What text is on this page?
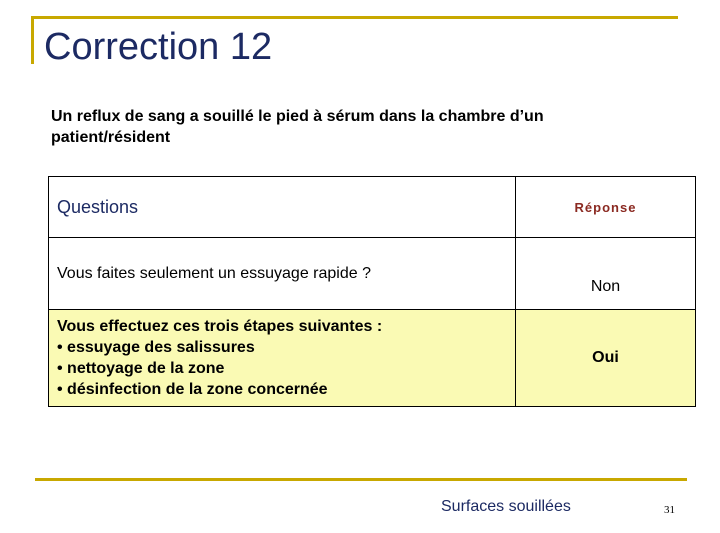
Correction 12
Un reflux de sang a souillé le pied à sérum dans la chambre d’un patient/résident
Questions	Réponse
Vous faites seulement un essuyage rapide ?	Non

Vous effectuez ces trois étapes suivantes :
• essuyage des salissures
• nettoyage de la zone
• désinfection de la zone concernée	Oui
Surfaces souillées	31
